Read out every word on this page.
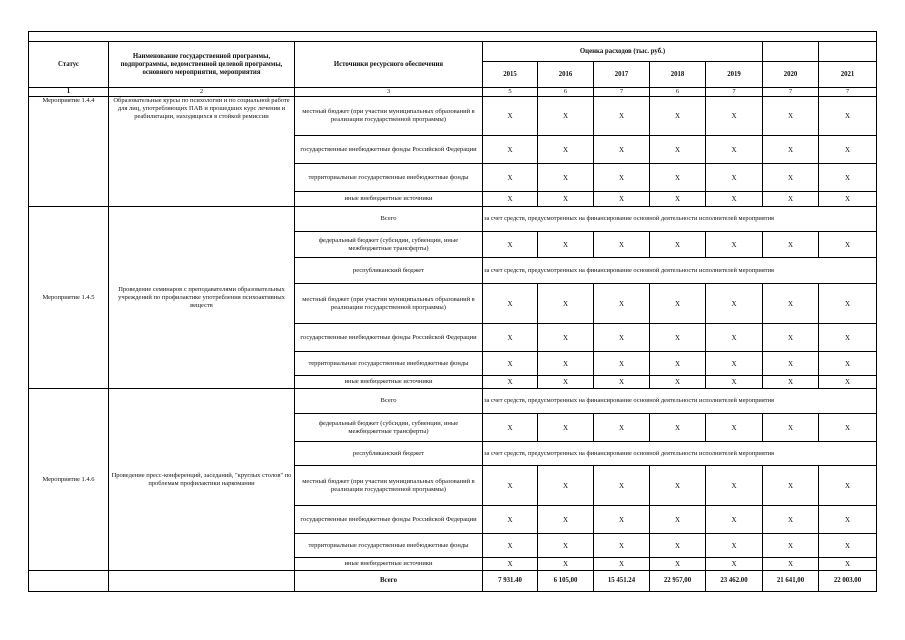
Статус	Наименование государственной программы, подпрограммы, ведомственной целевой программы, основного мероприятия, мероприятия	Источники ресурсного обеспечения	Оценка расходов (тыс. руб.)						
			2015	2016	2017	2018	2019	2020	2021
1	2	3	5	6	7	6	7	7	7
Мероприятие 1.4.4	Образовательные курсы по психологии и по социальной работе для лиц, употребляющих ПАВ и прошедших курс лечения и реабилитации, находящихся в стойкой ремиссии	местный бюджет (при участии муниципальных образований в реализации государственной программы)	X	X	X	X	X	X	X
		государственные внебюджетные фонды Российской Федерации	X	X	X	X	X	X	X
		территориальные государственные внебюджетные фонды	X	X	X	X	X	X	X
		иные внебюджетные источники	X	X	X	X	X	X	X
Мероприятие 1.4.5	Проведение семинаров с преподавателями образовательных учреждений по профилактике употребления психоактивных веществ	Всего	за счет средств, предусмотренных на финансирование основной деятельности исполнителей мероприятия						
		федеральный бюджет (субсидии, субвенции, иные межбюджетные трансферты)	X	X	X	X	X	X	X
		республиканский бюджет	за счет средств, предусмотренных на финансирование основной деятельности исполнителей мероприятия						
		местный бюджет (при участии муниципальных образований в реализации государственной программы)	X	X	X	X	X	X	X
		государственные внебюджетные фонды Российской Федерации	X	X	X	X	X	X	X
		территориальные государственные внебюджетные фонды	X	X	X	X	X	X	X
		иные внебюджетные источники	X	X	X	X	X	X	X
Мероприятие 1.4.6	Проведение пресс-конференций, заседаний, "круглых столов" по проблемам профилактики наркомании	Всего	за счет средств, предусмотренных на финансирование основной деятельности исполнителей мероприятия						
		федеральный бюджет (субсидии, субвенции, иные межбюджетные трансферты)	X	X	X	X	X	X	X
		республиканский бюджет	за счет средств, предусмотренных на финансирование основной деятельности исполнителей мероприятия						
		местный бюджет (при участии муниципальных образований в реализации государственной программы)	X	X	X	X	X	X	X
		государственные внебюджетные фонды Российской Федерации	X	X	X	X	X	X	X
		территориальные государственные внебюджетные фонды	X	X	X	X	X	X	X
		иные внебюджетные источники	X	X	X	X	X	X	X
		Всего	7 931.40	6 105,00	15 451.24	22 957,00	23 462.00	21 641,00	22 003.00
